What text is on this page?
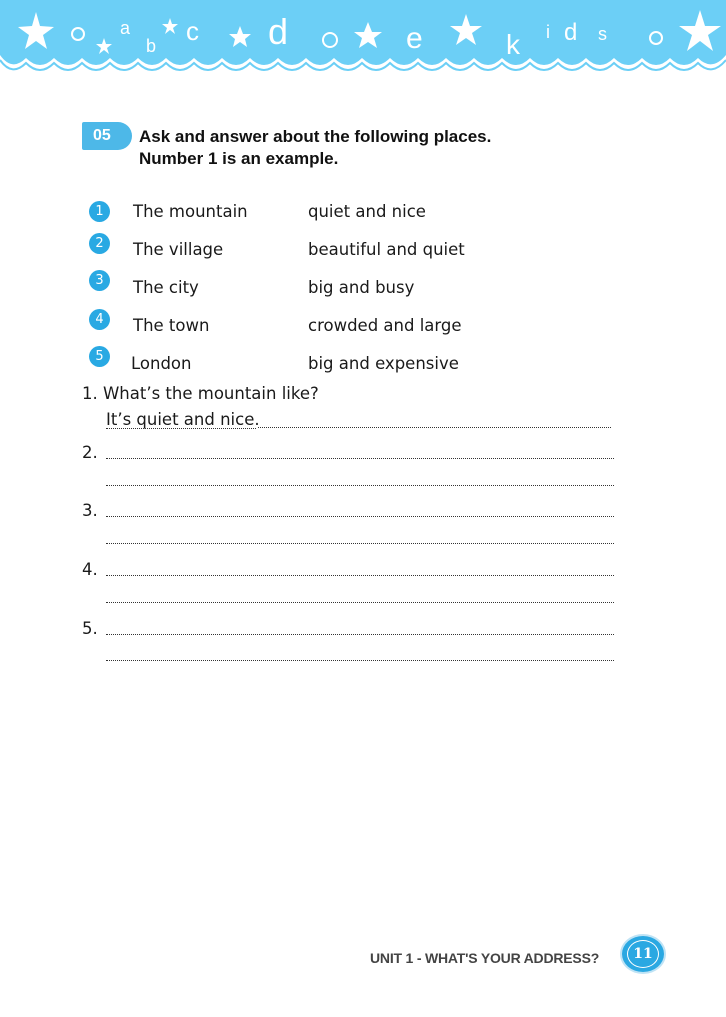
a
b c d	e	k i d s
05	Ask and answer about the following places.
Number 1 is an example.
1	The mountain	quiet and nice
2	The village	beautiful and quiet
3	The city	big and busy
4	The town	crowded and large
5	London	big and expensive
1. What’s the mountain like?
It’s quiet and nice.
2.
3.
4.
5.
UNIT 1 - WHAT'S YOUR ADDRESS?	11
